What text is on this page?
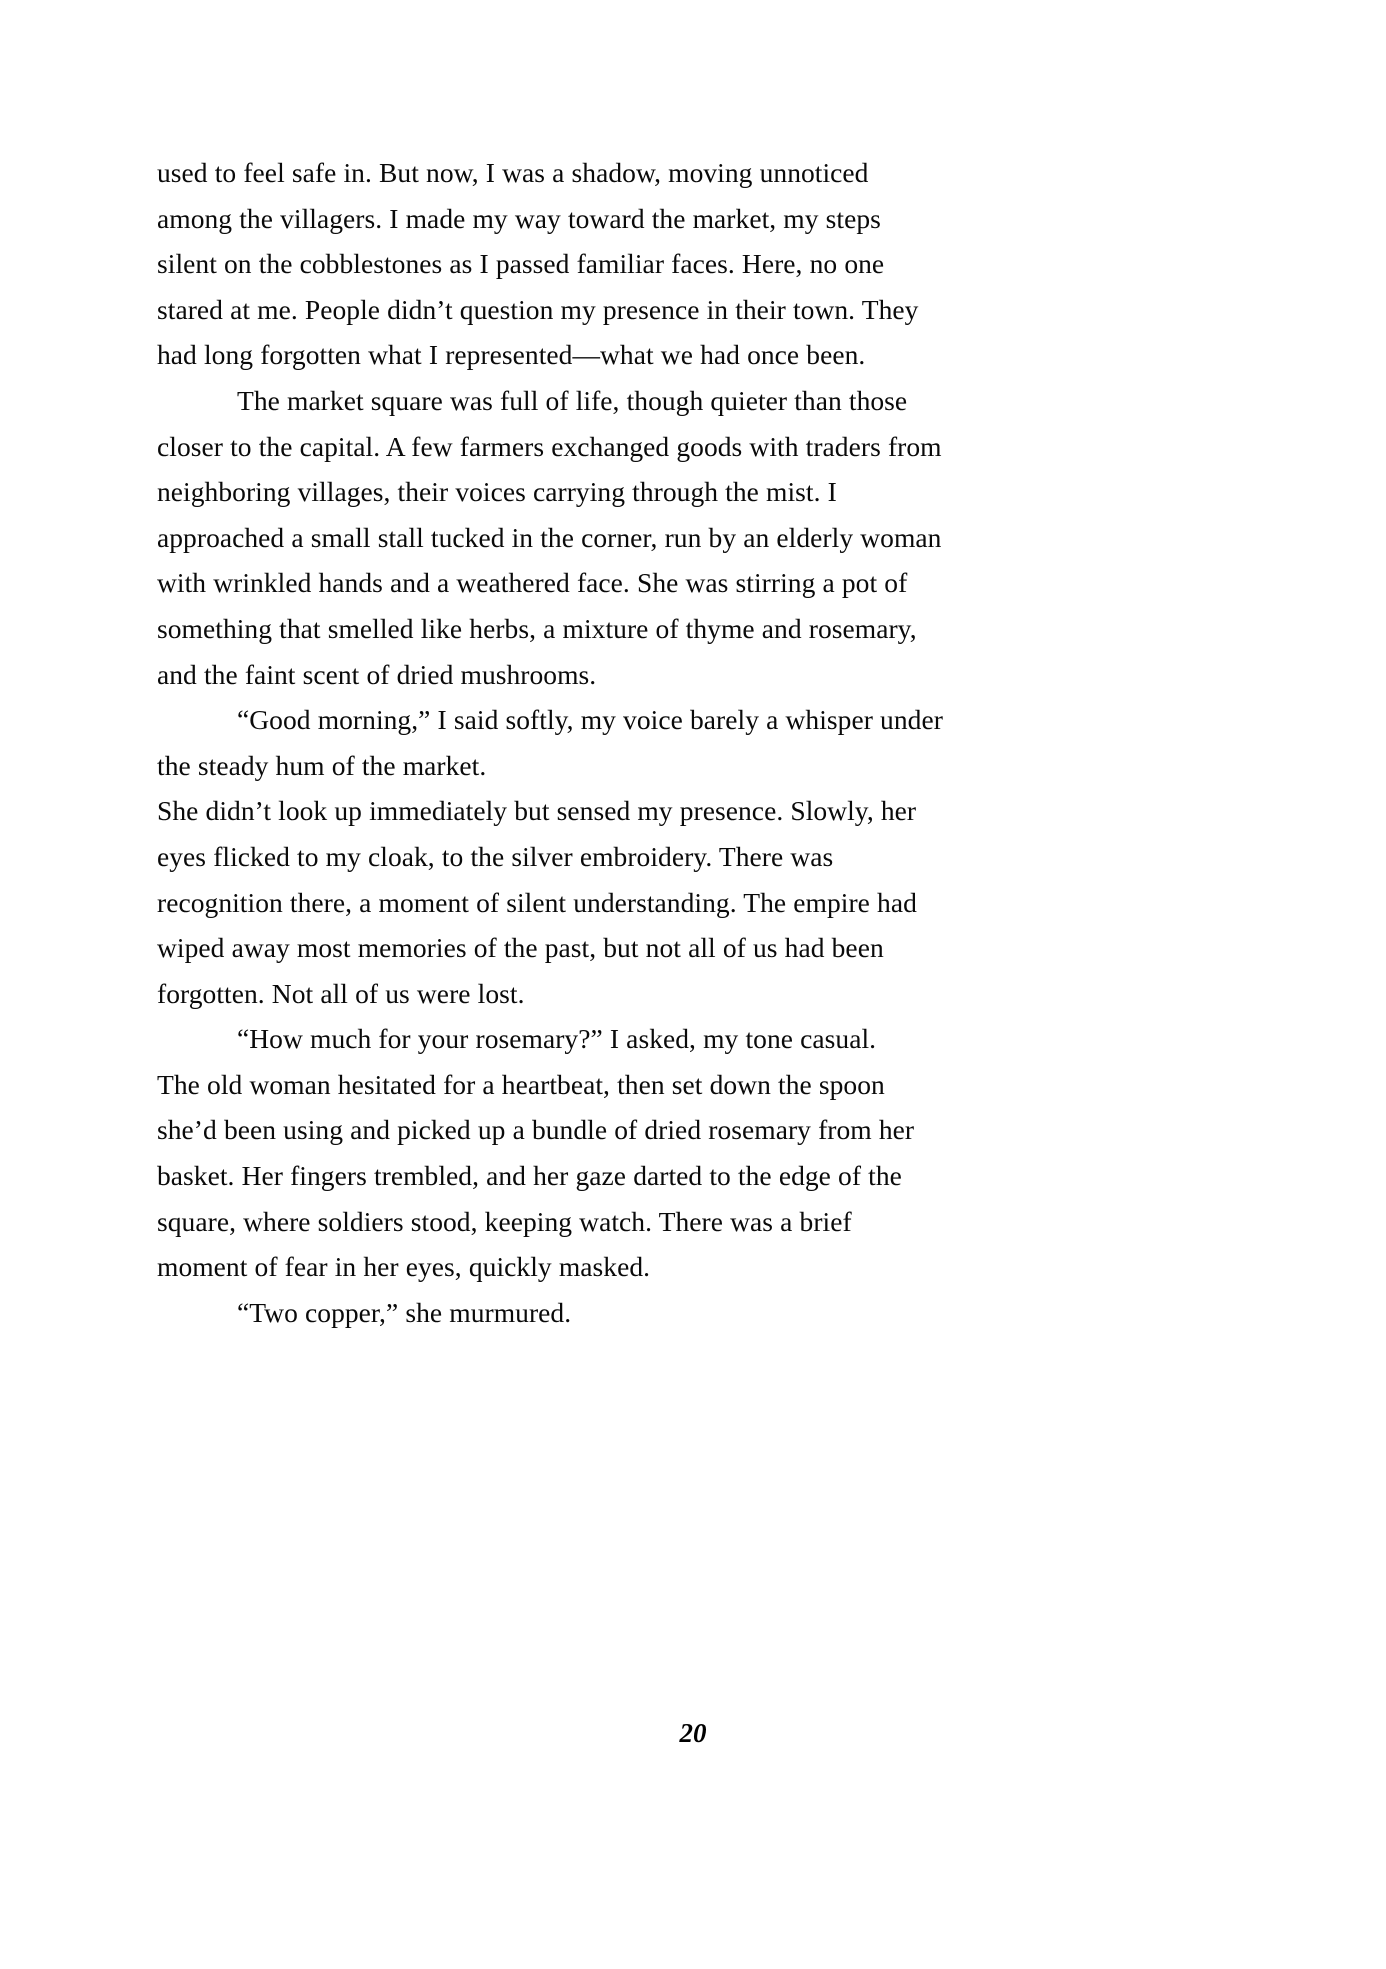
used to feel safe in. But now, I was a shadow, moving unnoticed among the villagers. I made my way toward the market, my steps silent on the cobblestones as I passed familiar faces. Here, no one stared at me. People didn’t question my presence in their town. They had long forgotten what I represented—what we had once been.

The market square was full of life, though quieter than those closer to the capital. A few farmers exchanged goods with traders from neighboring villages, their voices carrying through the mist. I approached a small stall tucked in the corner, run by an elderly woman with wrinkled hands and a weathered face. She was stirring a pot of something that smelled like herbs, a mixture of thyme and rosemary, and the faint scent of dried mushrooms.

“Good morning,” I said softly, my voice barely a whisper under the steady hum of the market.

She didn’t look up immediately but sensed my presence. Slowly, her eyes flicked to my cloak, to the silver embroidery. There was recognition there, a moment of silent understanding. The empire had wiped away most memories of the past, but not all of us had been forgotten. Not all of us were lost.

“How much for your rosemary?” I asked, my tone casual.

The old woman hesitated for a heartbeat, then set down the spoon she’d been using and picked up a bundle of dried rosemary from her basket. Her fingers trembled, and her gaze darted to the edge of the square, where soldiers stood, keeping watch. There was a brief moment of fear in her eyes, quickly masked.

“Two copper,” she murmured.

20
